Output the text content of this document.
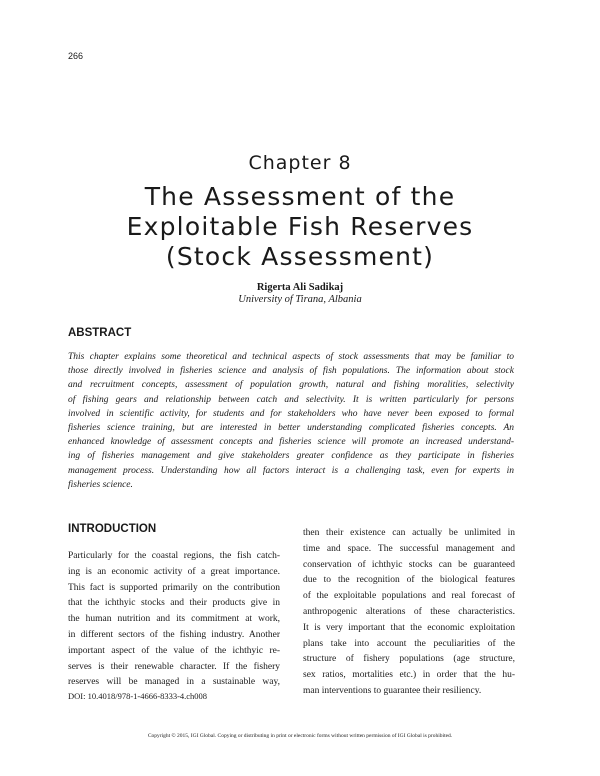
266
Chapter 8
The Assessment of the
Exploitable Fish Reserves
(Stock Assessment)
Rigerta Ali Sadikaj
University of Tirana, Albania
ABSTRACT
This chapter explains some theoretical and technical aspects of stock assessments that may be familiar to
those directly involved in fisheries science and analysis of fish populations. The information about stock
and recruitment concepts, assessment of population growth, natural and fishing moralities, selectivity
of fishing gears and relationship between catch and selectivity. It is written particularly for persons
involved in scientific activity, for students and for stakeholders who have never been exposed to formal
fisheries science training, but are interested in better understanding complicated fisheries concepts. An
enhanced knowledge of assessment concepts and fisheries science will promote an increased understand-
ing of fisheries management and give stakeholders greater confidence as they participate in fisheries
management process. Understanding how all factors interact is a challenging task, even for experts in
fisheries science.
INTRODUCTION
Particularly for the coastal regions, the fish catch-
ing is an economic activity of a great importance.
This fact is supported primarily on the contribution
that the ichthyic stocks and their products give in
the human nutrition and its commitment at work,
in different sectors of the fishing industry. Another
important aspect of the value of the ichthyic re-
serves is their renewable character. If the fishery
reserves will be managed in a sustainable way,
then their existence can actually be unlimited in
time and space. The successful management and
conservation of ichthyic stocks can be guaranteed
due to the recognition of the biological features
of the exploitable populations and real forecast of
anthropogenic alterations of these characteristics.
It is very important that the economic exploitation
plans take into account the peculiarities of the
structure of fishery populations (age structure,
sex ratios, mortalities etc.) in order that the hu-
man interventions to guarantee their resiliency.
DOI: 10.4018/978-1-4666-8333-4.ch008
Copyright © 2015, IGI Global. Copying or distributing in print or electronic forms without written permission of IGI Global is prohibited.
